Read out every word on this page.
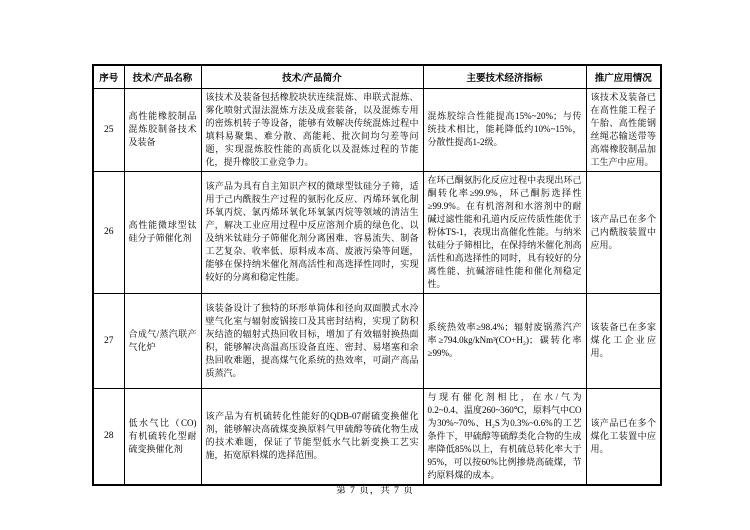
序号	技术/产品名称	技术/产品简介	主要技术经济指标	推广应用情况
25	高性能橡胶制品混炼胶制备技术及装备	该技术及装备包括橡胶块状连续混炼、串联式混炼、雾化喷射式湿法混炼方法及成套装备，以及混炼专用的密炼机转子等设备，能够有效解决传统混炼过程中填料易聚集、难分散、高能耗、批次间均匀差等问题，实现混炼胶性能的高质化以及混炼过程的节能化，提升橡胶工业竞争力。	混炼胶综合性能提高15%~20%；与传统技术相比，能耗降低约10%~15%，分散性提高1-2级。	该技术及装备已在高性能工程子午胎、高性能钢丝绳芯输送带等高端橡胶制品加工生产中应用。
26	高性能微球型钛硅分子筛催化剂	该产品为具有自主知识产权的微球型钛硅分子筛，适用于己内酰胺生产过程的氨肟化反应、丙烯环氧化制环氧丙烷、氯丙烯环氧化环氧氯丙烷等领域的清洁生产，解决工业应用过程中反应溶剂介质的绿色化、以及纳米钛硅分子筛催化剂分离困难、容易流失、制备工艺复杂、收率低、原料成本高、废液污染等问题，能够在保持纳米催化剂高活性和高选择性同时，实现较好的分离和稳定性能。	在环己酮氨肟化反应过程中表现出环己酮转化率≥99.9%，环己酮肟选择性≥99.9%。在有机溶剂和水溶剂中的耐碱过滤性能和孔道内反应传质性能优于粉体TS-1，表现出高催化性能。与纳米钛硅分子筛相比，在保持纳米催化剂高活性和高选择性的同时，具有较好的分离性能、抗碱溶硅性能和催化剂稳定性。	该产品已在多个己内酰胺装置中应用。
27	合成气/蒸汽联产气化炉	该装备设计了独特的环形单筒体和径向双面膜式水冷壁气化室与辐射废锅接口及其密封结构，实现了防积灰结渣的辐射式热回收目标，增加了有效辐射换热面积，能够解决高温高压设备直连、密封、易堵塞和余热回收难题，提高煤气化系统的热效率，可副产高品质蒸汽。	系统热效率≥98.4%；辐射废锅蒸汽产率≥794.0kg/kNm³(CO+H₂)；碳转化率≥99%。	该装备已在多家煤化工企业应用。
28	低水气比（CO)有机硫转化型耐硫变换催化剂	该产品为有机硫转化性能好的QDB-07耐硫变换催化剂，能够解决高硫煤变换原料气甲硫醇等硫化物生成的技术难题，保证了节能型低水气比新变换工艺实施，拓宽原料煤的选择范围。	与现有催化剂相比，在水/气为0.2~0.4、温度260~360℃，原料气中CO为30%~70%、H₂S为0.3%~0.6%的工艺条件下，甲硫醇等硫醇类化合物的生成率降低85%以上，有机硫总转化率大于95%，可以按60%比例掺烧高硫煤，节约原料煤的成本。	该产品已在多个煤化工装置中应用。
第 7 页，共 7 页
